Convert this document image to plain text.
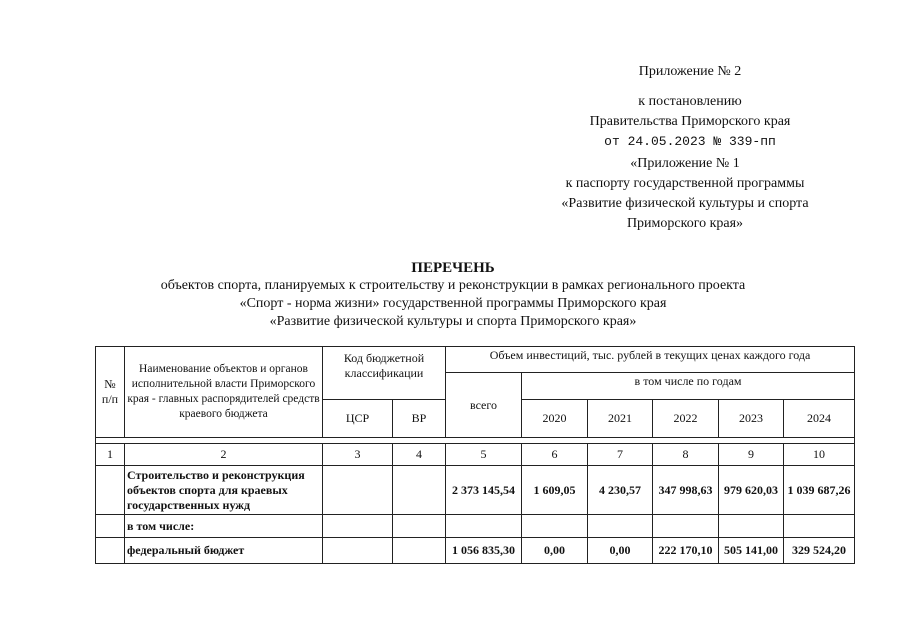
Приложение № 2
к постановлению
Правительства Приморского края
от 24.05.2023 № 339-пп
«Приложение № 1
к паспорту государственной программы
«Развитие физической культуры и спорта
Приморского края»
ПЕРЕЧЕНЬ
объектов спорта, планируемых к строительству и реконструкции в рамках регионального проекта
«Спорт - норма жизни» государственной программы Приморского края
«Развитие физической культуры и спорта Приморского края»
№ п/п	Наименование объектов и органов исполнительной власти Приморского края - главных распорядителей средств краевого бюджета	Код бюджетной классификации		Объем инвестиций, тыс. рублей в текущих ценах каждого года					
				всего	в том числе по годам				
		ЦСР	ВР		2020	2021	2022	2023	2024

1	2	3	4	5	6	7	8	9	10
	Строительство и реконструкция объектов спорта для краевых государственных нужд			2 373 145,54	1 609,05	4 230,57	347 998,63	979 620,03	1 039 687,26
	в том числе:								
	федеральный бюджет			1 056 835,30	0,00	0,00	222 170,10	505 141,00	329 524,20
